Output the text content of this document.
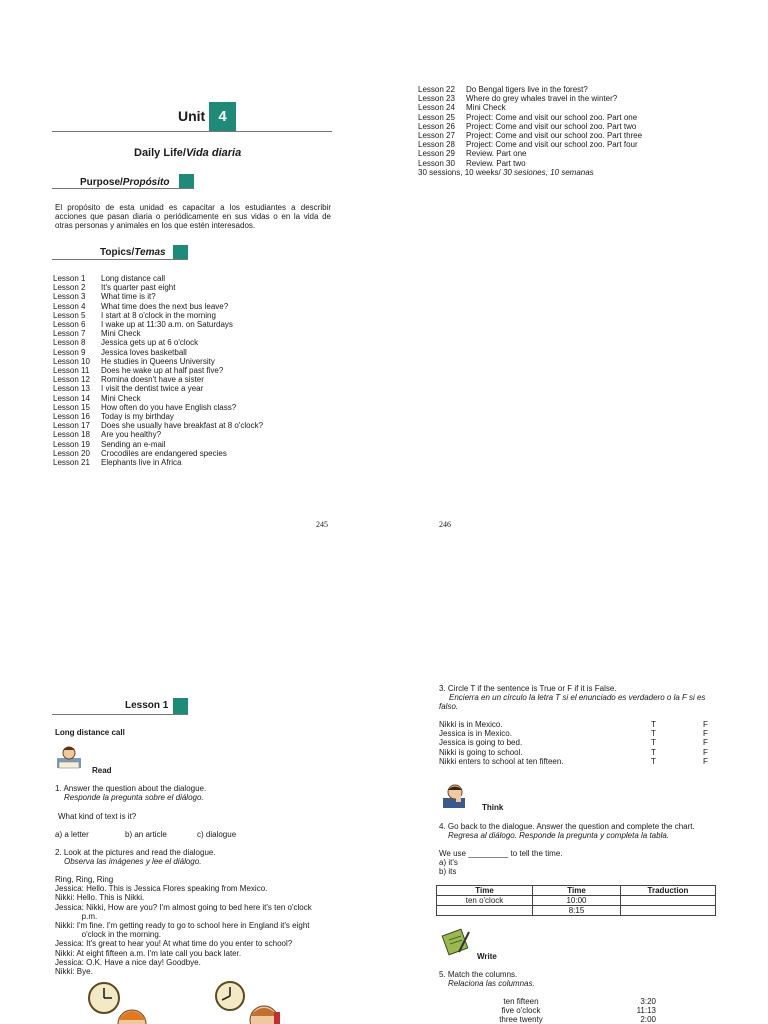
Unit 4
Daily Life/Vida diaria
Purpose/Propósito
El propósito de esta unidad es capacitar a los estudiantes a describir acciones que pasan diaria o periódicamente en sus vidas o en la vida de otras personas y animales en los que estén interesados.
Topics/Temas
Lesson 1	Long distance call
Lesson 2	It's quarter past eight
Lesson 3	What time is it?
Lesson 4	What time does the next bus leave?
Lesson 5	I start at 8 o'clock in the morning
Lesson 6	I wake up at 11:30 a.m. on Saturdays
Lesson 7	Mini Check
Lesson 8	Jessica gets up at 6 o'clock
Lesson 9	Jessica loves basketball
Lesson 10	He studies in Queens University
Lesson 11	Does he wake up at half past five?
Lesson 12	Romina doesn't have a sister
Lesson 13	I visit the dentist twice a year
Lesson 14	Mini Check
Lesson 15	How often do you have English class?
Lesson 16	Today is my birthday
Lesson 17	Does she usually have breakfast at 8 o'clock?
Lesson 18	Are you healthy?
Lesson 19	Sending an e-mail
Lesson 20	Crocodiles are endangered species
Lesson 21	Elephants live in Africa
245
Lesson 22	Do Bengal tigers live in the forest?
Lesson 23	Where do grey whales travel in the winter?
Lesson 24	Mini Check
Lesson 25	Project: Come and visit our school zoo. Part one
Lesson 26	Project: Come and visit our school zoo. Part two
Lesson 27	Project: Come and visit our school zoo. Part three
Lesson 28	Project: Come and visit our school zoo. Part four
Lesson 29	Review. Part one
Lesson 30	Review. Part two
30 sessions, 10 weeks/ 30 sesiones, 10 semanas
246
Lesson 1
Long distance call
Read
1. Answer the question about the dialogue.
Responde la pregunta sobre el diálogo.
What kind of text is it?
a) a letter	b) an article	c) dialogue
2. Look at the pictures and read the dialogue.
Observa las imágenes y lee el diálogo.
Ring, Ring, Ring
Jessica: Hello. This is Jessica Flores speaking from Mexico.
Nikki: Hello. This is Nikki.
Jessica: Nikki, How are you? I'm almost going to bed here it's ten o'clock
p.m.
Nikki: I'm fine. I'm getting ready to go to school here in England it's eight
o'clock in the morning.
Jessica: It's great to hear you! At what time do you enter to school?
Nikki: At eight fifteen a.m. I'm late call you back later.
Jessica: O.K. Have a nice day! Goodbye.
Nikki: Bye.
3. Circle T if the sentence is True or F if it is False.
Encierra en un círculo la letra T si el enunciado es verdadero o la F si es falso.
Nikki is in Mexico.	T	F
Jessica is in Mexico.	T	F
Jessica is going to bed.	T	F
Nikki is going to school.	T	F
Nikki enters to school at ten fifteen.	T	F
Think
4. Go back to the dialogue. Answer the question and complete the chart.
Regresa al diálogo. Responde la pregunta y completa la tabla.
We use _________ to tell the time.
a) it's
b) its
Time	Time	Traduction
ten o'clock	10:00	
	8:15	
Write
5. Match the columns.
Relaciona las columnas.
ten fifteen	3:20
five o'clock	11:13
three twenty	2:00
